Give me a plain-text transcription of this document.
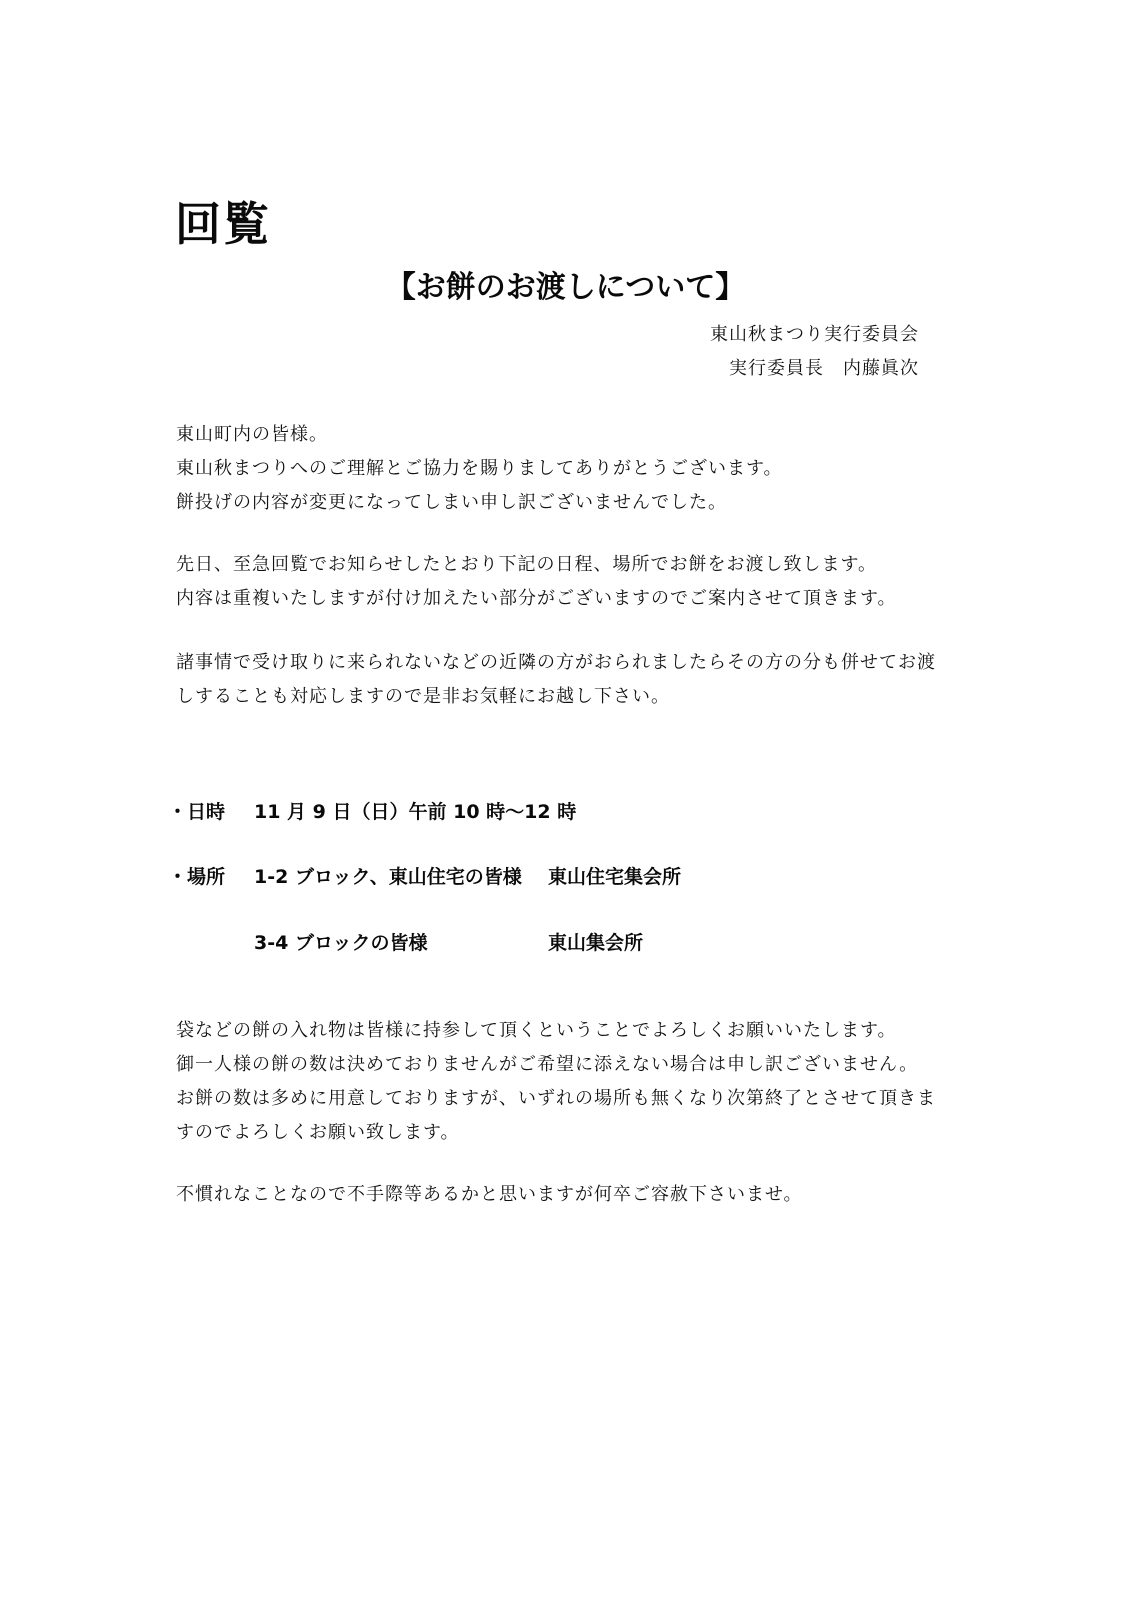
回覧
【お餅のお渡しについて】
東山秋まつり実行委員会
実行委員長　内藤眞次

東山町内の皆様。
東山秋まつりへのご理解とご協力を賜りましてありがとうございます。
餅投げの内容が変更になってしまい申し訳ございませんでした。

先日、至急回覧でお知らせしたとおり下記の日程、場所でお餅をお渡し致します。
内容は重複いたしますが付け加えたい部分がございますのでご案内させて頂きます。

諸事情で受け取りに来られないなどの近隣の方がおられましたらその方の分も併せてお渡
しすることも対応しますので是非お気軽にお越し下さい。

・日時 11 月 9 日（日）午前 10 時～12 時
・場所 1-2 ブロック、東山住宅の皆様 東山住宅集会所
3-4 ブロックの皆様	東山集会所

袋などの餅の入れ物は皆様に持参して頂くということでよろしくお願いいたします。
御一人様の餅の数は決めておりませんがご希望に添えない場合は申し訳ございません。
お餅の数は多めに用意しておりますが、いずれの場所も無くなり次第終了とさせて頂きま
すのでよろしくお願い致します。

不慣れなことなので不手際等あるかと思いますが何卒ご容赦下さいませ。
